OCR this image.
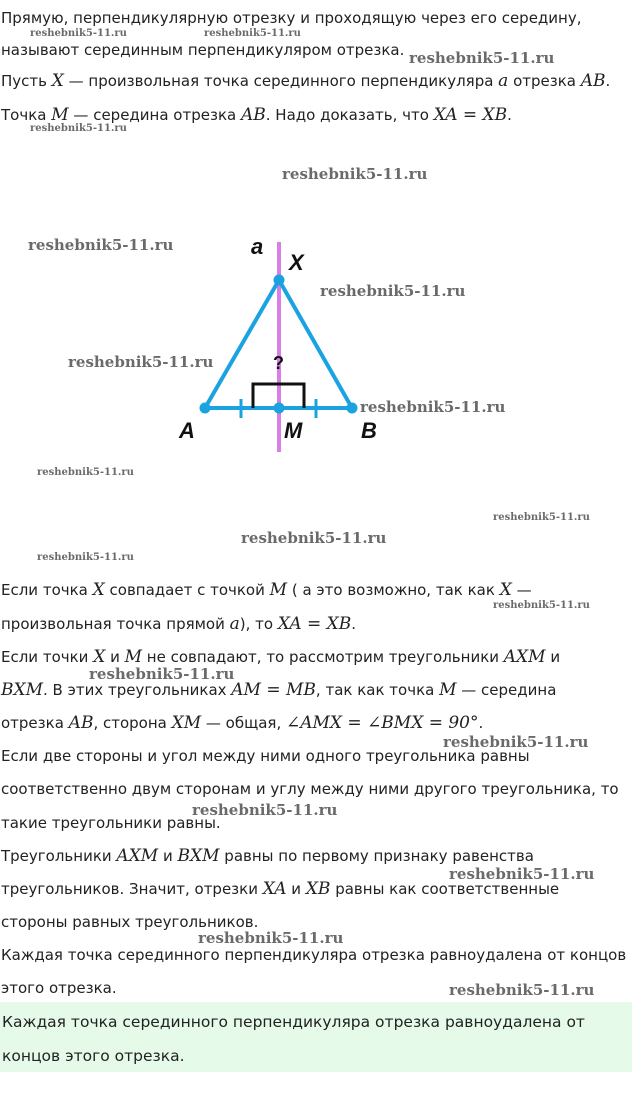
Прямую, перпендикулярную отрезку и проходящую через его середину,
называют серединным перпендикуляром отрезка.
Пусть X — произвольная точка серединного перпендикуляра a отрезка AB.
Точка M — середина отрезка AB. Надо доказать, что XA = XB.
a
X
A	M	B
?
Если точка X совпадает с точкой M ( а это возможно, так как X —
произвольная точка прямой a), то XA = XB.
Если точки X и M не совпадают, то рассмотрим треугольники AXM и
BXM. В этих треугольниках AM = MB, так как точка M — середина
отрезка AB, сторона XM — общая, ∠AMX = ∠BMX = 90°.
Если две стороны и угол между ними одного треугольника равны
соответственно двум сторонам и углу между ними другого треугольника, то
такие треугольники равны.
Треугольники AXM и BXM равны по первому признаку равенства
треугольников. Значит, отрезки XA и XB равны как соответственные
стороны равных треугольников.
Каждая точка серединного перпендикуляра отрезка равноудалена от концов
этого отрезка.
Каждая точка серединного перпендикуляра отрезка равноудалена от
концов этого отрезка.
reshebnik5-11.ru	reshebnik5-11.ru
reshebnik5-11.ru
reshebnik5-11.ru
reshebnik5-11.ru
reshebnik5-11.ru
reshebnik5-11.ru
reshebnik5-11.ru
reshebnik5-11.ru
reshebnik5-11.ru
reshebnik5-11.ru
reshebnik5-11.ru
reshebnik5-11.ru
reshebnik5-11.ru
reshebnik5-11.ru
reshebnik5-11.ru
reshebnik5-11.ru
reshebnik5-11.ru
reshebnik5-11.ru
reshebnik5-11.ru
